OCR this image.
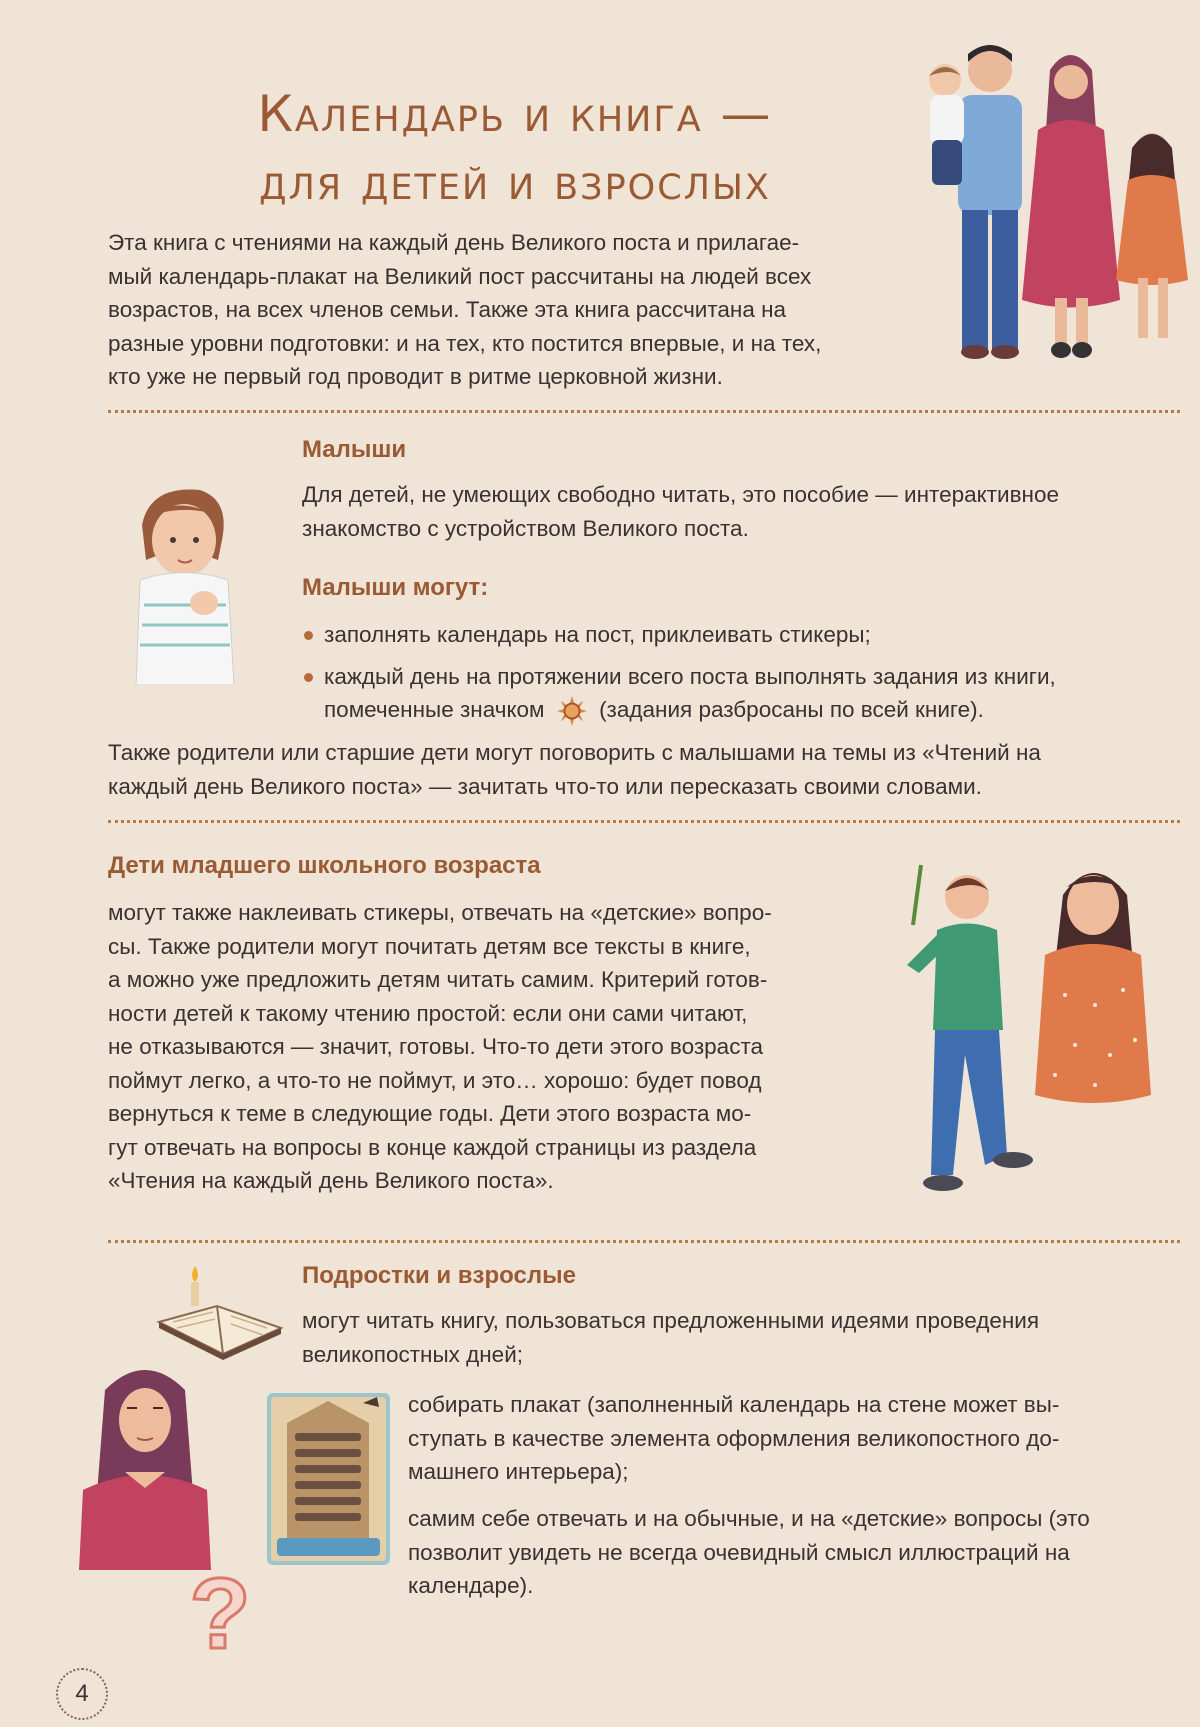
Календарь и книга —
для детей и взрослых
Эта книга с чтениями на каждый день Великого поста и прилагае-
мый календарь-плакат на Великий пост рассчитаны на людей всех
возрастов, на всех членов семьи. Также эта книга рассчитана на
разные уровни подготовки: и на тех, кто постится впервые, и на тех,
кто уже не первый год проводит в ритме церковной жизни.
Малыши
Для детей, не умеющих свободно читать, это пособие — интерактивное
знакомство с устройством Великого поста.
Малыши могут:
заполнять календарь на пост, приклеивать стикеры;
каждый день на протяжении всего поста выполнять задания из книги,
помеченные значком (задания разбросаны по всей книге).
Также родители или старшие дети могут поговорить с малышами на темы из «Чтений на
каждый день Великого поста» — зачитать что-то или пересказать своими словами.
Дети младшего школьного возраста
могут также наклеивать стикеры, отвечать на «детские» вопро-
сы. Также родители могут почитать детям все тексты в книге,
а можно уже предложить детям читать самим. Критерий готов-
ности детей к такому чтению простой: если они сами читают,
не отказываются — значит, готовы. Что-то дети этого возраста
поймут легко, а что-то не поймут, и это… хорошо: будет повод
вернуться к теме в следующие годы. Дети этого возраста мо-
гут отвечать на вопросы в конце каждой страницы из раздела
«Чтения на каждый день Великого поста».
Подростки и взрослые
могут читать книгу, пользоваться предложенными идеями проведения
великопостных дней;
?
собирать плакат (заполненный календарь на стене может вы-
ступать в качестве элемента оформления великопостного до-
машнего интерьера);
самим себе отвечать и на обычные, и на «детские» вопросы (это
позволит увидеть не всегда очевидный смысл иллюстраций на
календаре).
4
